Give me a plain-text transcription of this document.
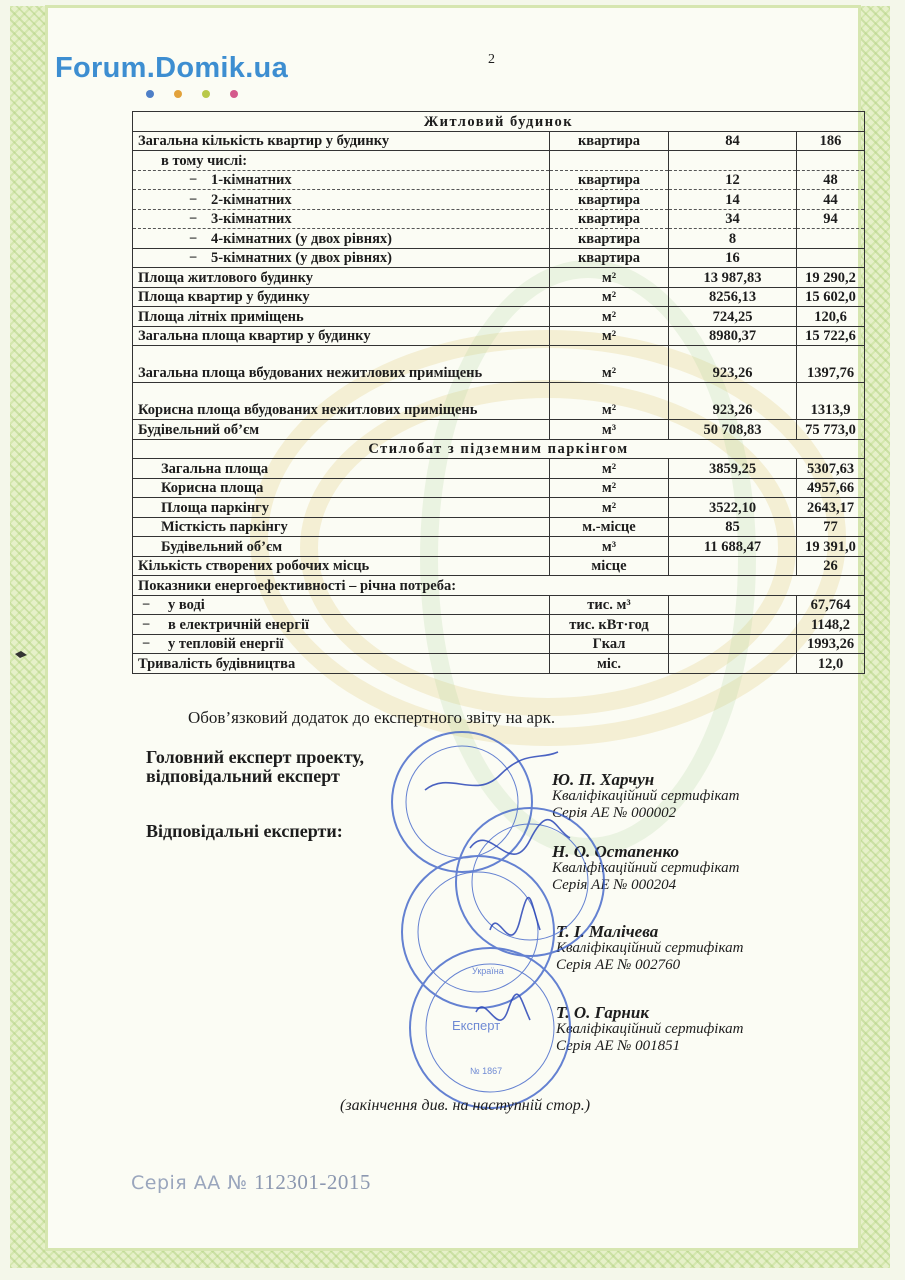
Forum.Domik.ua	2
Житловий будинок			
Загальна кількість квартир у будинку	квартира	84	186
в тому числі:			
− 1-кімнатних	квартира	12	48
− 2-кімнатних	квартира	14	44
− 3-кімнатних	квартира	34	94
− 4-кімнатних (у двох рівнях)	квартира	8	
− 5-кімнатних (у двох рівнях)	квартира	16	
Площа житлового будинку	м²	13 987,83	19 290,2
Площа квартир у будинку	м²	8256,13	15 602,0
Площа літніх приміщень	м²	724,25	120,6
Загальна площа квартир у будинку	м²	8980,37	15 722,6
Загальна площа вбудованих нежитлових приміщень	м²	923,26	1397,76
Корисна площа вбудованих нежитлових приміщень	м²	923,26	1313,9
Будівельний об’єм	м³	50 708,83	75 773,0
Стилобат з підземним паркінгом			
Загальна площа	м²	3859,25	5307,63
Корисна площа	м²		4957,66
Площа паркінгу	м²	3522,10	2643,17
Місткість паркінгу	м.-місце	85	77
Будівельний об’єм	м³	11 688,47	19 391,0
Кількість створених робочих місць	місце		26
Показники енергоефективності – річна потреба:			
− у воді	тис. м³		67,764
− в електричній енергії	тис. кВт·год		1148,2
− у тепловій енергії	Гкал		1993,26
Тривалість будівництва	міс.		12,0
Обов’язковий додаток до експертного звіту на арк.
Головний експерт проекту,
відповідальний експерт
Відповідальні експерти:
Ю. П. Харчун
Кваліфікаційний сертифікат
Серія АЕ № 000002
Н. О. Остапенко
Кваліфікаційний сертифікат
Серія АЕ № 000204
Т. І. Малічева
Кваліфікаційний сертифікат
Серія АЕ № 002760
Т. О. Гарник
Кваліфікаційний сертифікат
Серія АЕ № 001851
Експерт
Україна
№ 1867
(закінчення див. на наступній стор.)
Серія АА № 112301-2015
